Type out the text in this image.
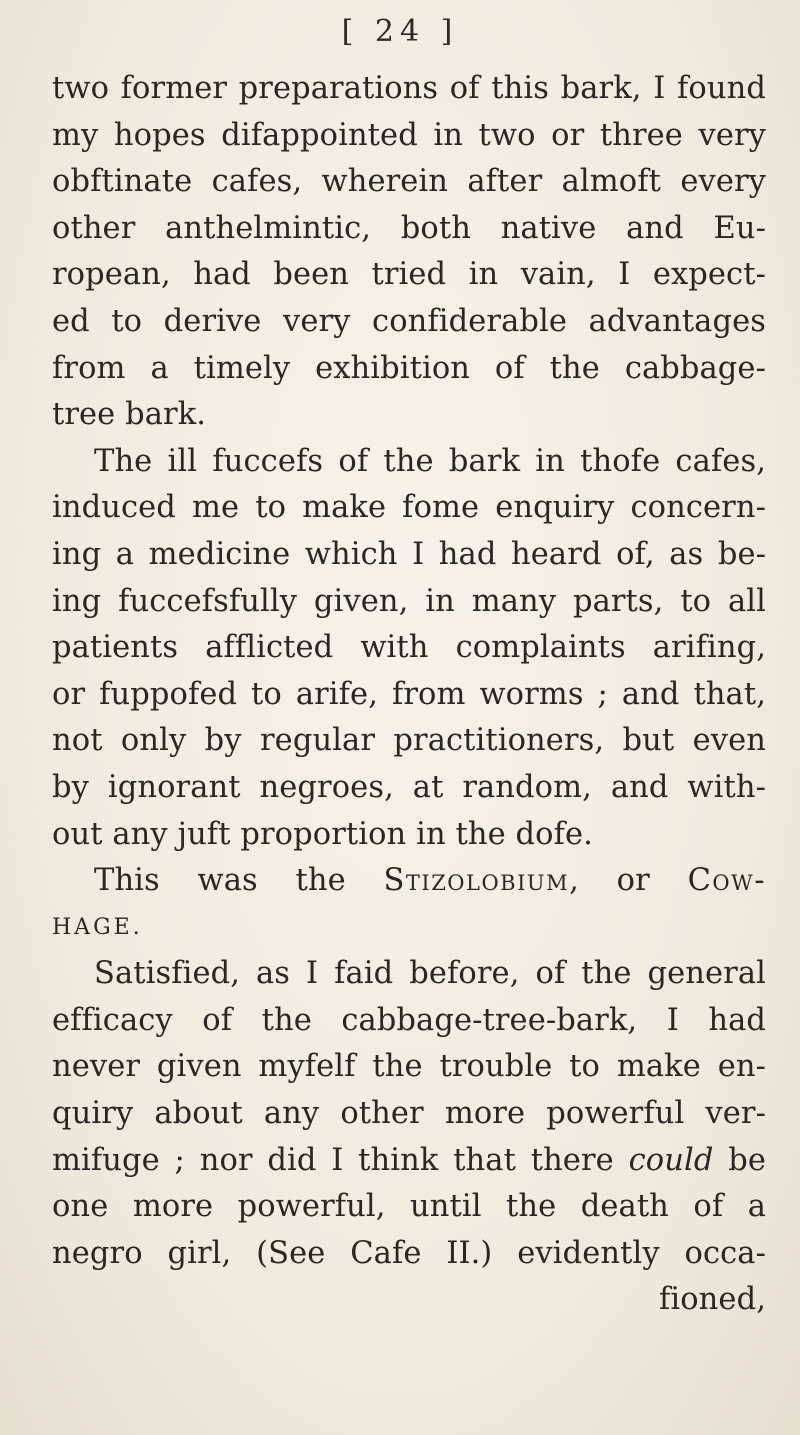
[ 24 ]
two former preparations of this bark, I found
my hopes difappointed in two or three very
obftinate cafes, wherein after almoft every
other anthelmintic, both native and Eu-
ropean, had been tried in vain, I expect-
ed to derive very confiderable advantages
from a timely exhibition of the cabbage-
tree bark.
The ill fuccefs of the bark in thofe cafes,
induced me to make fome enquiry concern-
ing a medicine which I had heard of, as be-
ing fuccefsfully given, in many parts, to all
patients afflicted with complaints arifing,
or fuppofed to arife, from worms ; and that,
not only by regular practitioners, but even
by ignorant negroes, at random, and with-
out any juft proportion in the dofe.
This was the Stizolobium, or Cow-
HAGE.
Satisfied, as I faid before, of the general
efficacy of the cabbage-tree-bark, I had
never given myfelf the trouble to make en-
quiry about any other more powerful ver-
mifuge ; nor did I think that there could be
one more powerful, until the death of a
negro girl, (See Cafe II.) evidently occa-
fioned,
